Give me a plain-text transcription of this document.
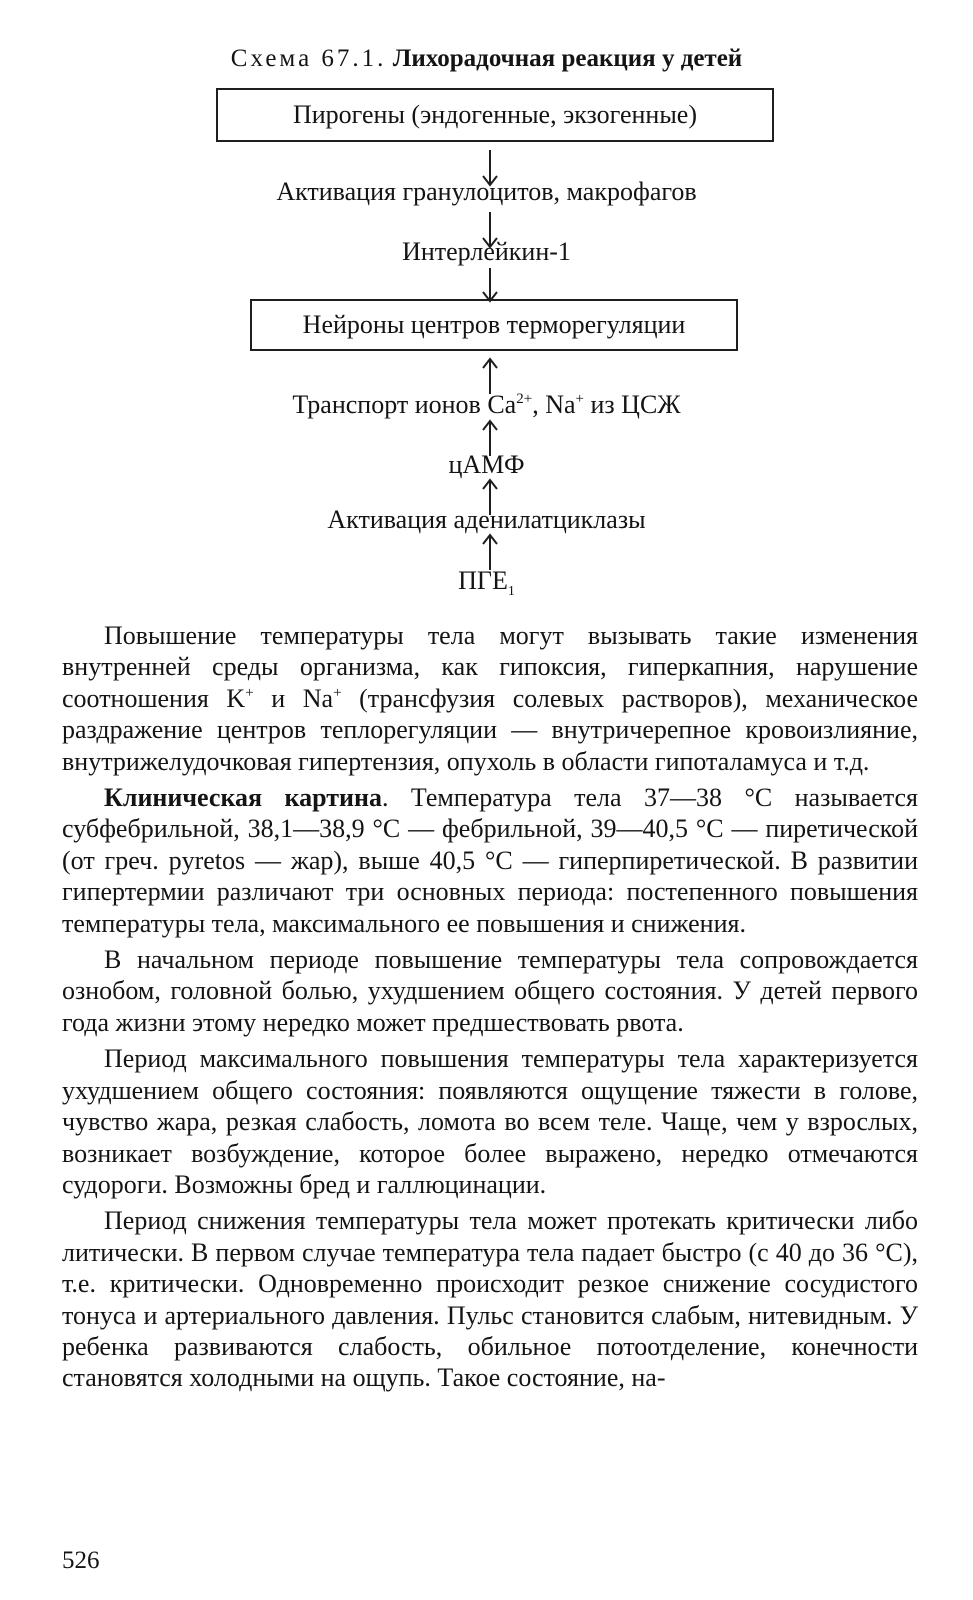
Схема 67.1. Лихорадочная реакция у детей
Пирогены (эндогенные, экзогенные)
Активация гранулоцитов, макрофагов
Интерлейкин-1
Нейроны центров терморегуляции
Транспорт ионов $Ca^{2+}$, Na+ из ЦСЖ
цАМФ
Активация аденилатциклазы
$ПГЕ_1$

Повышение температуры тела могут вызывать такие изменения внутренней среды организма, как гипоксия, гиперкапния, нарушение соотношения K+ и Na+ (трансфузия солевых растворов), механическое раздражение центров теплорегуляции — внутричерепное кровоизлияние, внутрижелудочковая гипертензия, опухоль в области гипоталамуса и т.д.

Клиническая картина. Температура тела 37—38 °С называется субфебрильной, 38,1—38,9 °С — фебрильной, 39—40,5 °С — пиретической (от греч. pyretos — жар), выше 40,5 °С — гиперпиретической. В развитии гипертермии различают три основных периода: постепенного повышения температуры тела, максимального ее повышения и снижения.

В начальном периоде повышение температуры тела сопровождается ознобом, головной болью, ухудшением общего состояния. У детей первого года жизни этому нередко может предшествовать рвота.

Период максимального повышения температуры тела характеризуется ухудшением общего состояния: появляются ощущение тяжести в голове, чувство жара, резкая слабость, ломота во всем теле. Чаще, чем у взрослых, возникает возбуждение, которое более выражено, нередко отмечаются судороги. Возможны бред и галлюцинации.

Период снижения температуры тела может протекать критически либо литически. В первом случае температура тела падает быстро (с 40 до 36 °С), т.е. критически. Одновременно происходит резкое снижение сосудистого тонуса и артериального давления. Пульс становится слабым, нитевидным. У ребенка развиваются слабость, обильное потоотделение, конечности становятся холодными на ощупь. Такое состояние, на-

526
